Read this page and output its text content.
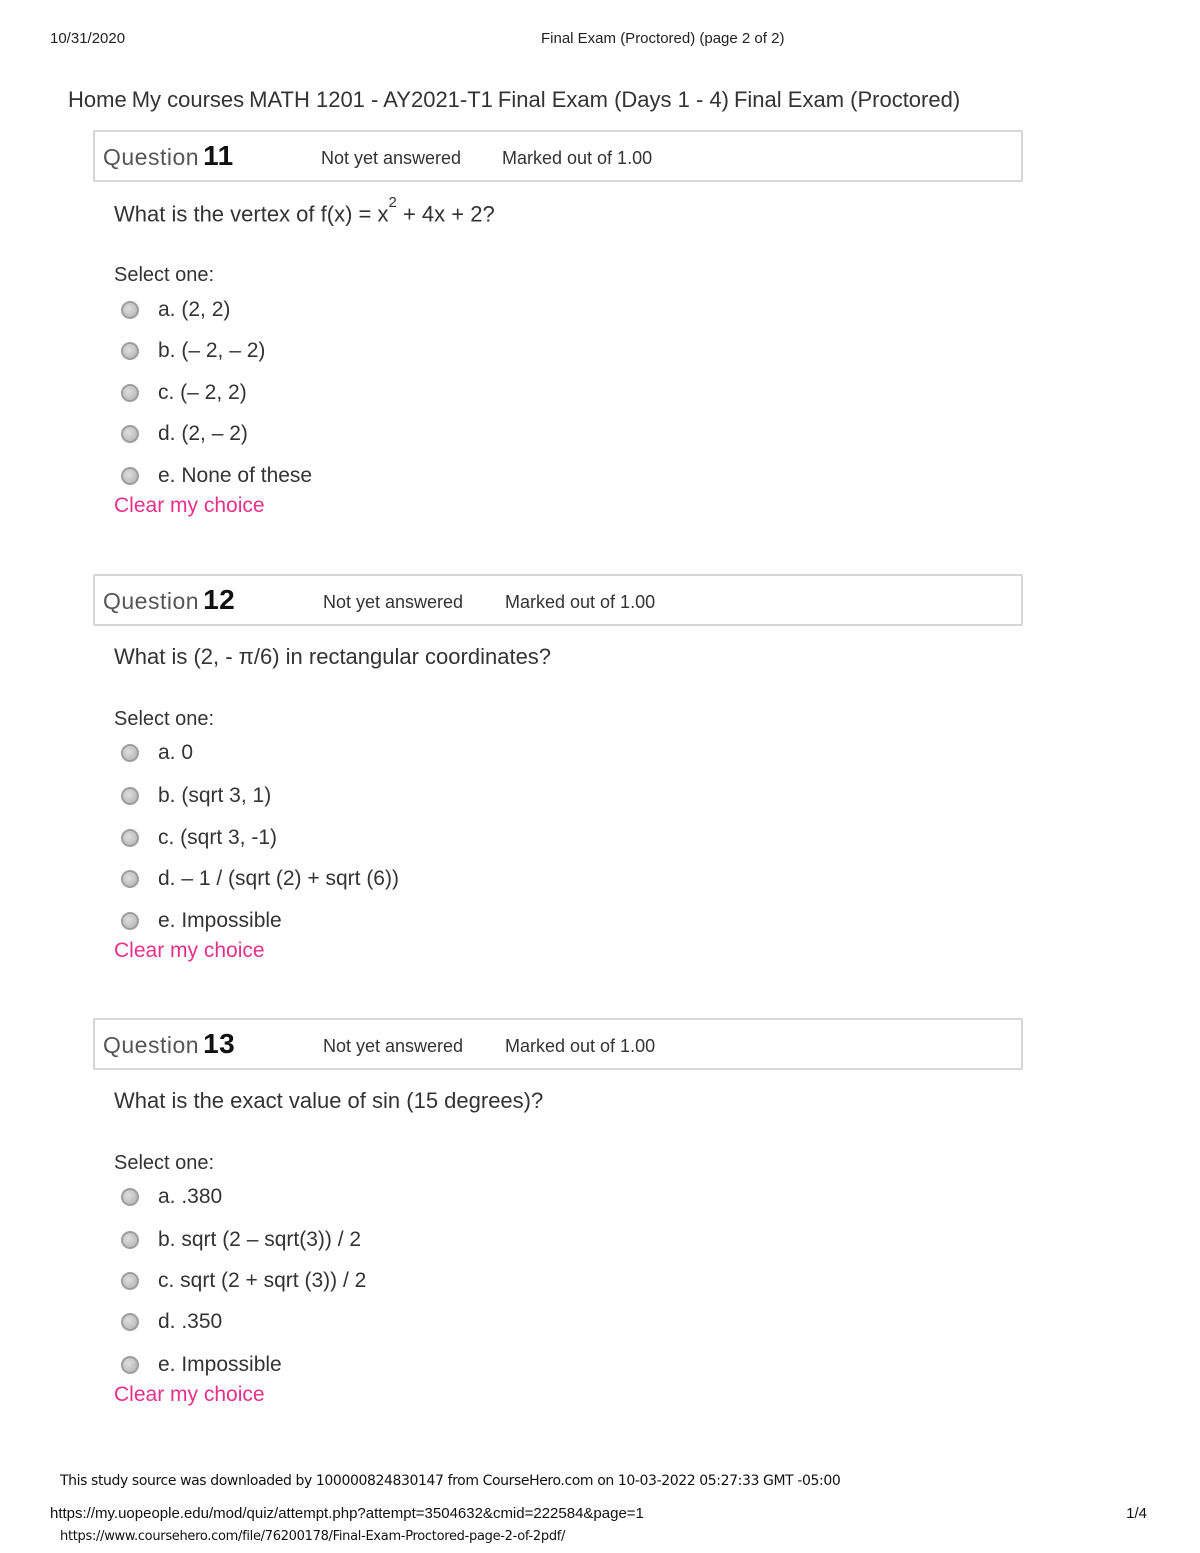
10/31/2020	Final Exam (Proctored) (page 2 of 2)
Home My courses MATH 1201 - AY2021-T1 Final Exam (Days 1 - 4) Final Exam (Proctored)
Question 11	Not yet answered Marked out of 1.00
What is the vertex of $f(x) = x^2 + 4x + 2$?
Select one:
a. (2, 2)
b. (– 2, – 2)
c. (– 2, 2)
d. (2, – 2)
e. None of these
Clear my choice
Question 12	Not yet answered Marked out of 1.00
What is (2, - π/6) in rectangular coordinates?
Select one:
a. 0
b. (sqrt 3, 1)
c. (sqrt 3, -1)
d. – 1 / (sqrt (2) + sqrt (6))
e. Impossible
Clear my choice
Question 13	Not yet answered Marked out of 1.00
What is the exact value of sin (15 degrees)?
Select one:
a. .380
b. sqrt (2 – sqrt(3)) / 2
c. sqrt (2 + sqrt (3)) / 2
d. .350
e. Impossible
Clear my choice
This study source was downloaded by 100000824830147 from CourseHero.com on 10-03-2022 05:27:33 GMT -05:00
https://my.uopeople.edu/mod/quiz/attempt.php?attempt=3504632&cmid=222584&page=1	1/4
https://www.coursehero.com/file/76200178/Final-Exam-Proctored-page-2-of-2pdf/
